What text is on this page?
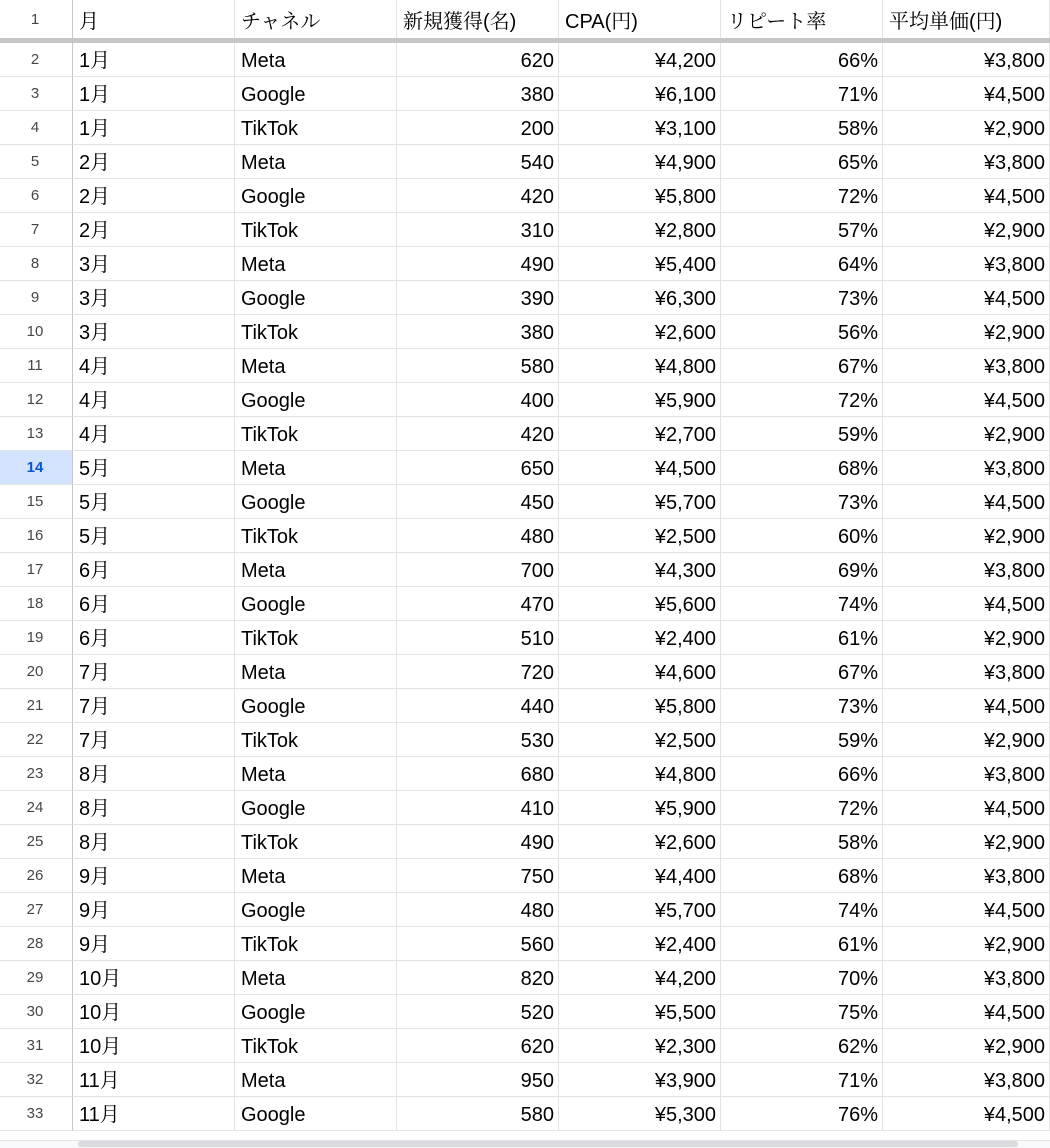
1	月	チャネル	新規獲得(名)	CPA(円)	リピート率	平均単価(円)
2	1月	Meta	620	¥4,200	66%	¥3,800
3	1月	Google	380	¥6,100	71%	¥4,500
4	1月	TikTok	200	¥3,100	58%	¥2,900
5	2月	Meta	540	¥4,900	65%	¥3,800
6	2月	Google	420	¥5,800	72%	¥4,500
7	2月	TikTok	310	¥2,800	57%	¥2,900
8	3月	Meta	490	¥5,400	64%	¥3,800
9	3月	Google	390	¥6,300	73%	¥4,500
10	3月	TikTok	380	¥2,600	56%	¥2,900
11	4月	Meta	580	¥4,800	67%	¥3,800
12	4月	Google	400	¥5,900	72%	¥4,500
13	4月	TikTok	420	¥2,700	59%	¥2,900
14	5月	Meta	650	¥4,500	68%	¥3,800
15	5月	Google	450	¥5,700	73%	¥4,500
16	5月	TikTok	480	¥2,500	60%	¥2,900
17	6月	Meta	700	¥4,300	69%	¥3,800
18	6月	Google	470	¥5,600	74%	¥4,500
19	6月	TikTok	510	¥2,400	61%	¥2,900
20	7月	Meta	720	¥4,600	67%	¥3,800
21	7月	Google	440	¥5,800	73%	¥4,500
22	7月	TikTok	530	¥2,500	59%	¥2,900
23	8月	Meta	680	¥4,800	66%	¥3,800
24	8月	Google	410	¥5,900	72%	¥4,500
25	8月	TikTok	490	¥2,600	58%	¥2,900
26	9月	Meta	750	¥4,400	68%	¥3,800
27	9月	Google	480	¥5,700	74%	¥4,500
28	9月	TikTok	560	¥2,400	61%	¥2,900
29	10月	Meta	820	¥4,200	70%	¥3,800
30	10月	Google	520	¥5,500	75%	¥4,500
31	10月	TikTok	620	¥2,300	62%	¥2,900
32	11月	Meta	950	¥3,900	71%	¥3,800
33	11月	Google	580	¥5,300	76%	¥4,500
